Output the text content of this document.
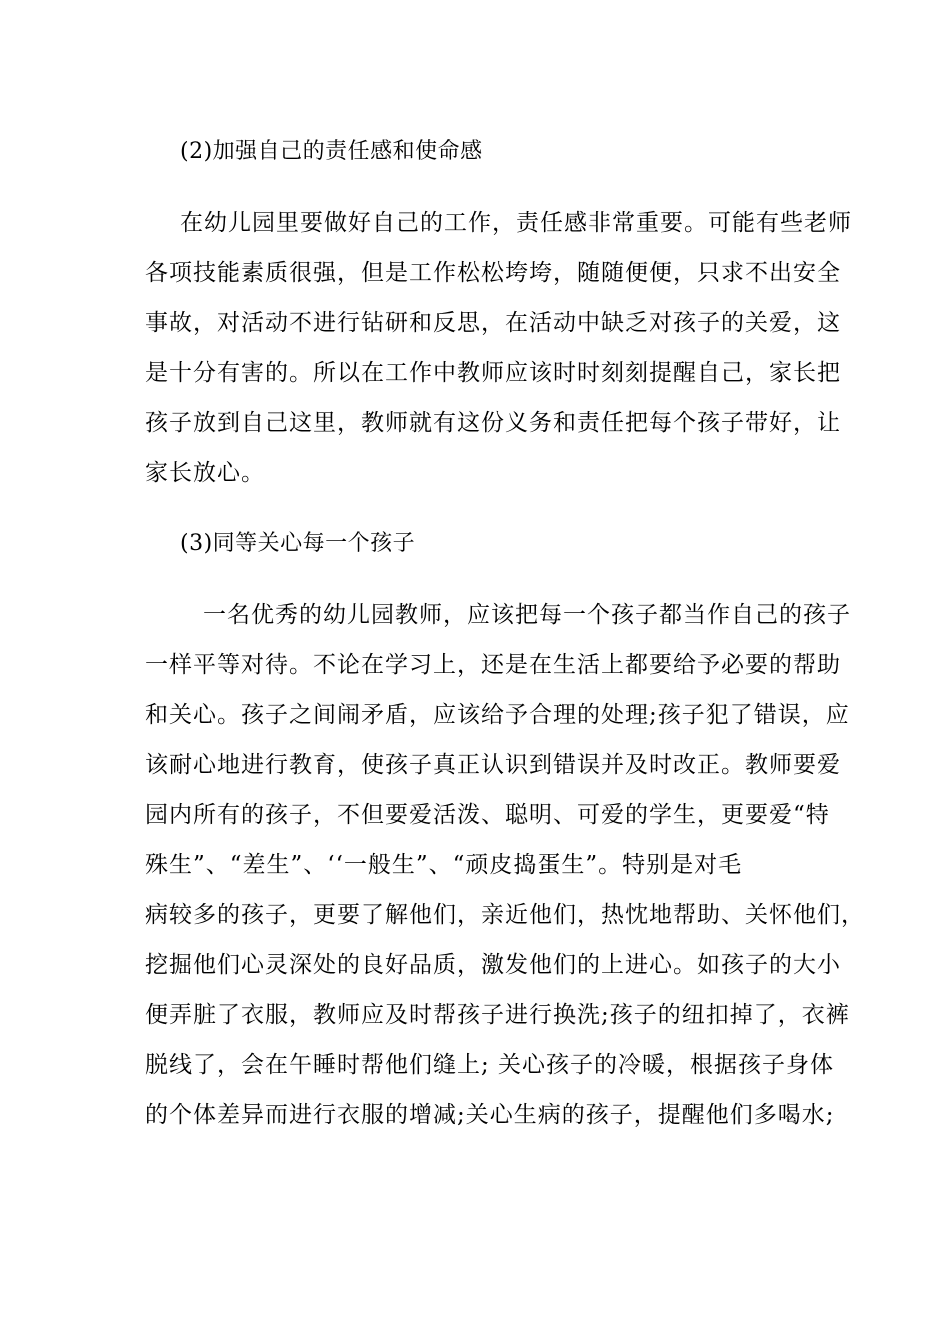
(2)加强自己的责任感和使命感
在幼儿园里要做好自己的工作，责任感非常重要。可能有些老师
各项技能素质很强，但是工作松松垮垮，随随便便，只求不出安全
事故，对活动不进行钻研和反思，在活动中缺乏对孩子的关爱，这
是十分有害的。所以在工作中教师应该时时刻刻提醒自己，家长把
孩子放到自己这里，教师就有这份义务和责任把每个孩子带好，让
家长放心。
(3)同等关心每一个孩子
一名优秀的幼儿园教师，应该把每一个孩子都当作自己的孩子
一样平等对待。不论在学习上，还是在生活上都要给予必要的帮助
和关心。孩子之间闹矛盾，应该给予合理的处理;孩子犯了错误，应
该耐心地进行教育，使孩子真正认识到错误并及时改正。教师要爱
园内所有的孩子，不但要爱活泼、聪明、可爱的学生，更要爱“特
殊生”、“差生”、‘‘一般生”、“顽皮捣蛋生”。特别是对毛
病较多的孩子，更要了解他们，亲近他们，热忱地帮助、关怀他们，
挖掘他们心灵深处的良好品质，激发他们的上进心。如孩子的大小
便弄脏了衣服，教师应及时帮孩子进行换洗;孩子的纽扣掉了，衣裤
脱线了，会在午睡时帮他们缝上; 关心孩子的冷暖，根据孩子身体
的个体差异而进行衣服的增减;关心生病的孩子，提醒他们多喝水;
